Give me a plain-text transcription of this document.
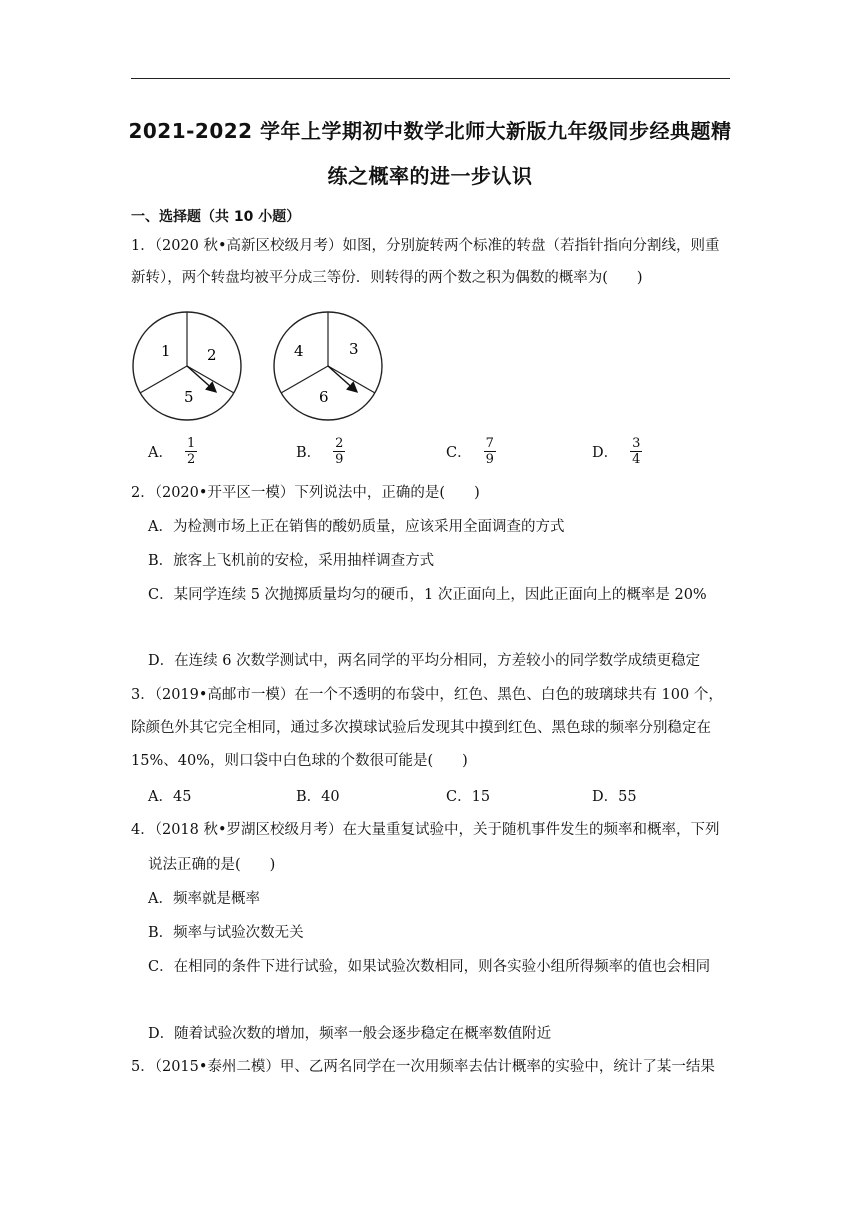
2021-2022 学年上学期初中数学北师大新版九年级同步经典题精
练之概率的进一步认识
一、选择题（共 10 小题）
1．（2020 秋•高新区校级月考）如图，分别旋转两个标准的转盘（若指针指向分割线，则重
新转），两个转盘均被平分成三等份．则转得的两个数之积为偶数的概率为(　　)
1 2
5
4	3
6
A． $\frac{1}{2}$	B． $\frac{2}{9}$	C． $\frac{7}{9}$	D． $\frac{3}{4}$
2．（2020•开平区一模）下列说法中，正确的是(　　)
A．为检测市场上正在销售的酸奶质量，应该采用全面调查的方式
B．旅客上飞机前的安检，采用抽样调查方式
C．某同学连续 5 次抛掷质量均匀的硬币，1 次正面向上，因此正面向上的概率是 20%
D．在连续 6 次数学测试中，两名同学的平均分相同，方差较小的同学数学成绩更稳定
3．（2019•高邮市一模）在一个不透明的布袋中，红色、黑色、白色的玻璃球共有 100 个，
除颜色外其它完全相同，通过多次摸球试验后发现其中摸到红色、黑色球的频率分别稳定在
15%、40%，则口袋中白色球的个数很可能是(　　)
A．45	B．40	C．15	D．55
4．（2018 秋•罗湖区校级月考）在大量重复试验中，关于随机事件发生的频率和概率，下列
说法正确的是(　　)
A．频率就是概率
B．频率与试验次数无关
C．在相同的条件下进行试验，如果试验次数相同，则各实验小组所得频率的值也会相同
D．随着试验次数的增加，频率一般会逐步稳定在概率数值附近
5．（2015•泰州二模）甲、乙两名同学在一次用频率去估计概率的实验中，统计了某一结果
